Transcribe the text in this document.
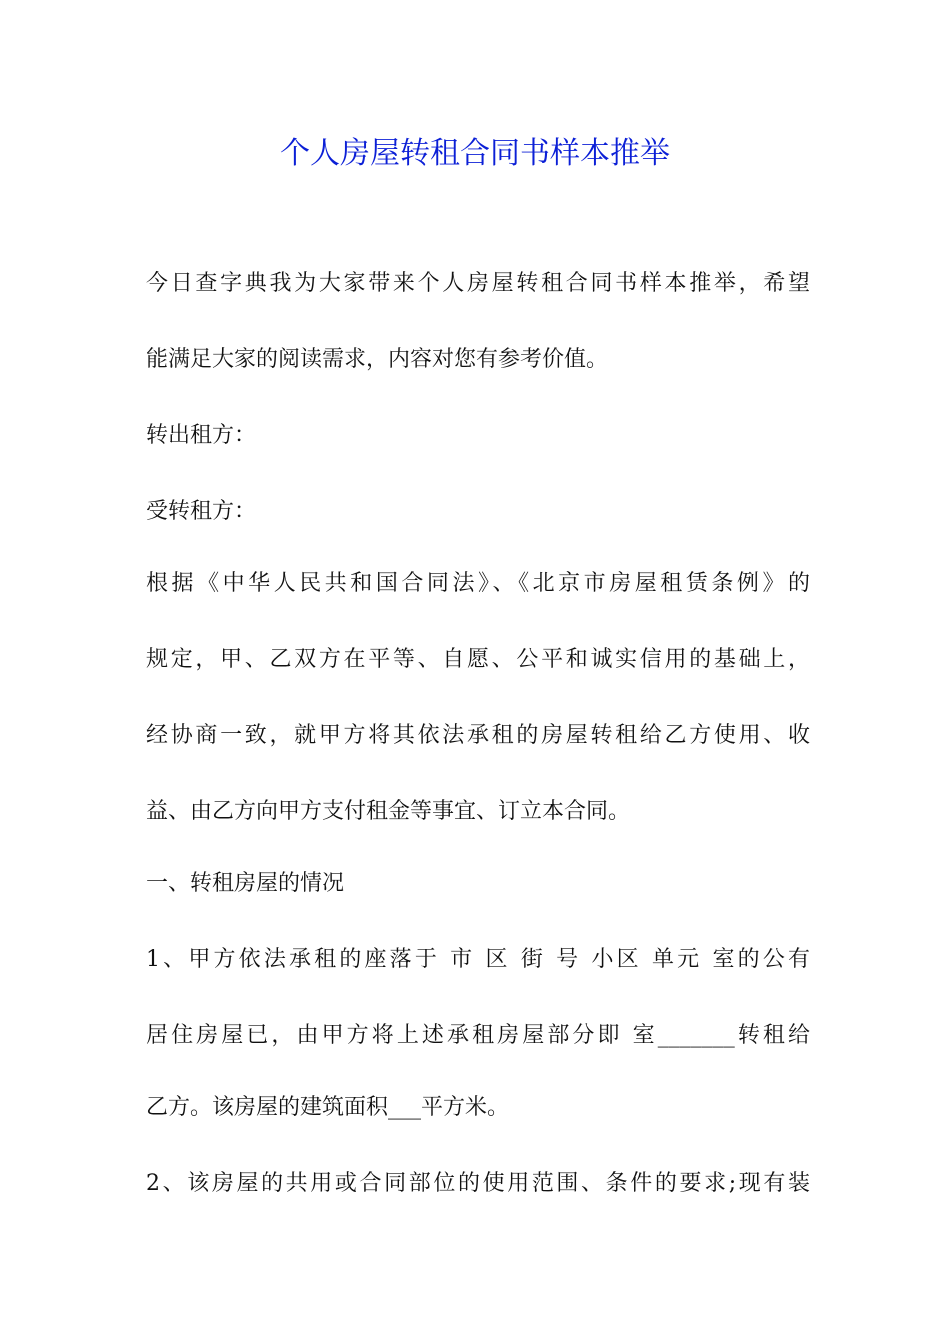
个人房屋转租合同书样本推举

今日查字典我为大家带来个人房屋转租合同书样本推举，希望

能满足大家的阅读需求，内容对您有参考价值。

转出租方：

受转租方：

根据《中华人民共和国合同法》、《北京市房屋租赁条例》的

规定，甲、乙双方在平等、自愿、公平和诚实信用的基础上，

经协商一致，就甲方将其依法承租的房屋转租给乙方使用、收

益、由乙方向甲方支付租金等事宜、订立本合同。

一、转租房屋的情况

1、甲方依法承租的座落于 市 区 街 号 小区 单元 室的公有

居住房屋已，由甲方将上述承租房屋部分即 室_______转租给

乙方。该房屋的建筑面积___平方米。

2、该房屋的共用或合同部位的使用范围、条件的要求;现有装
